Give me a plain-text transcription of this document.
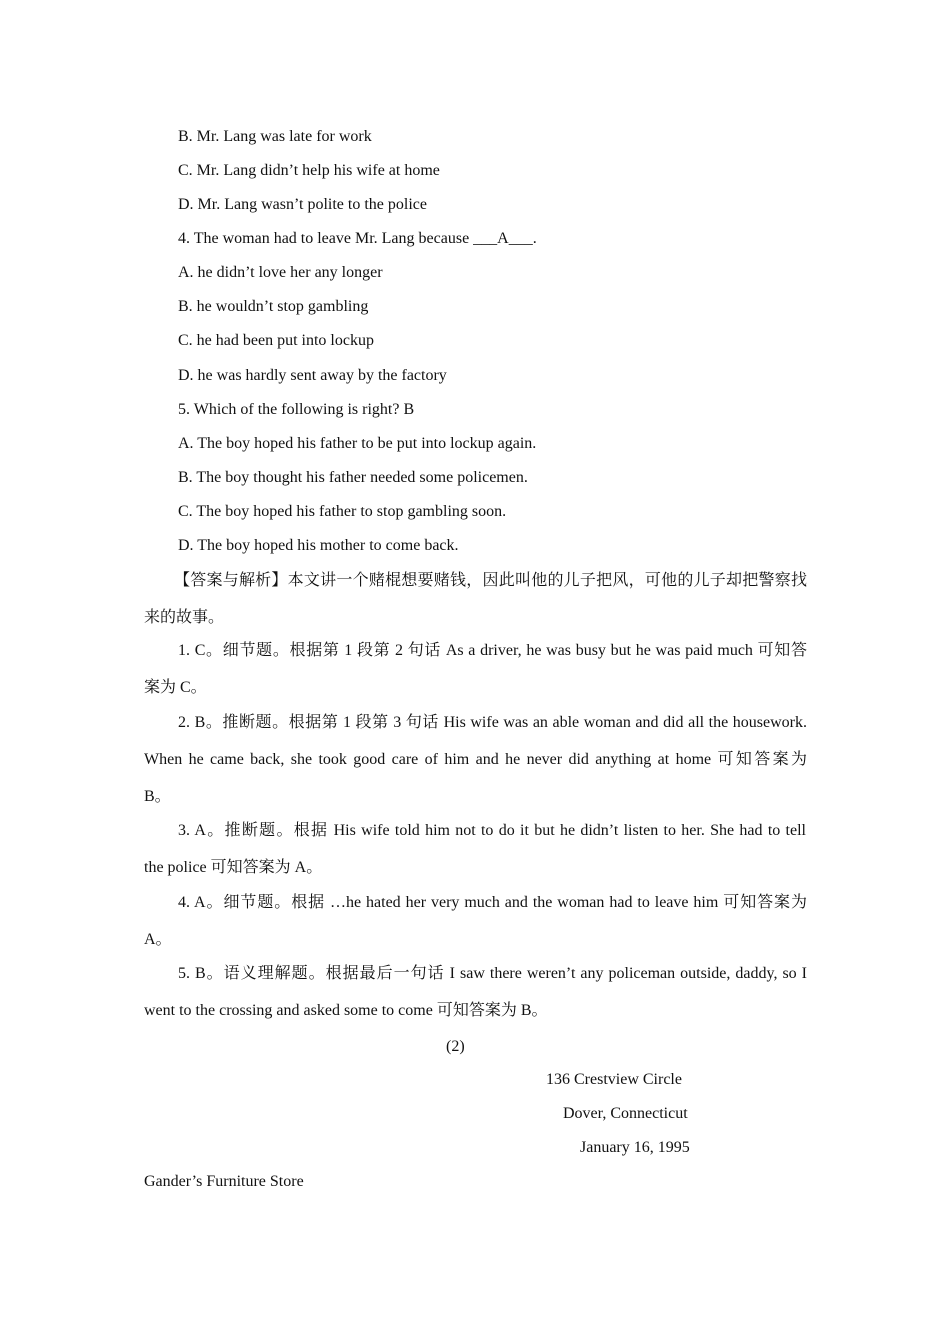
B. Mr. Lang was late for work
C. Mr. Lang didn’t help his wife at home
D. Mr. Lang wasn’t polite to the police
4. The woman had to leave Mr. Lang because ___A___.
A. he didn’t love her any longer
B. he wouldn’t stop gambling
C. he had been put into lockup
D. he was hardly sent away by the factory
5. Which of the following is right? B
A. The boy hoped his father to be put into lockup again.
B. The boy thought his father needed some policemen.
C. The boy hoped his father to stop gambling soon.
D. The boy hoped his mother to come back.
【答案与解析】本文讲一个赌棍想要赌钱，因此叫他的儿子把风，可他的儿子却把警察找
来的故事。
1. C。细节题。根据第 1 段第 2 句话 As a driver, he was busy but he was paid much 可知答
案为 C。
2. B。推断题。根据第 1 段第 3 句话 His wife was an able woman and did all the housework.
When he came back, she took good care of him and he never did anything at home 可知答案为
B。
3. A。推断题。根据 His wife told him not to do it but he didn’t listen to her. She had to tell
the police 可知答案为 A。
4. A。细节题。根据 …he hated her very much and the woman had to leave him 可知答案为
A。
5. B。语义理解题。根据最后一句话 I saw there weren’t any policeman outside, daddy, so I
went to the crossing and asked some to come 可知答案为 B。
(2)
136 Crestview Circle
Dover, Connecticut
January 16, 1995
Gander’s Furniture Store
